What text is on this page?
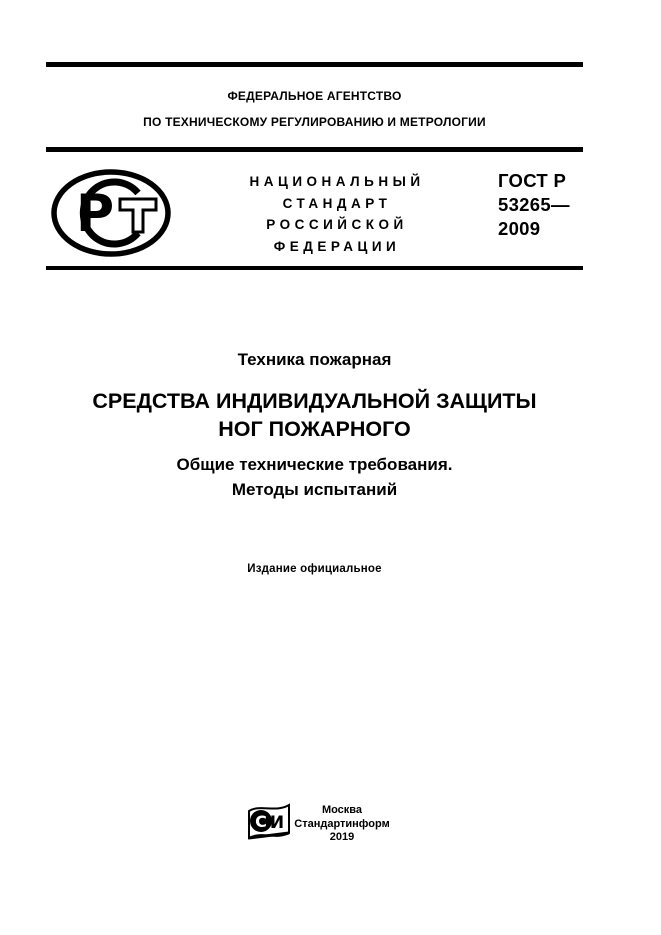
ФЕДЕРАЛЬНОЕ АГЕНТСТВО
ПО ТЕХНИЧЕСКОМУ РЕГУЛИРОВАНИЮ И МЕТРОЛОГИИ
Р
НАЦИОНАЛЬНЫЙ
СТАНДАРТ
РОССИЙСКОЙ
ФЕДЕРАЦИИ
ГОСТ Р
53265—
2009
Техника пожарная
СРЕДСТВА ИНДИВИДУАЛЬНОЙ ЗАЩИТЫ
НОГ ПОЖАРНОГО
Общие технические требования.
Методы испытаний
Издание официальное
С И
Москва
Стандартинформ
2019
